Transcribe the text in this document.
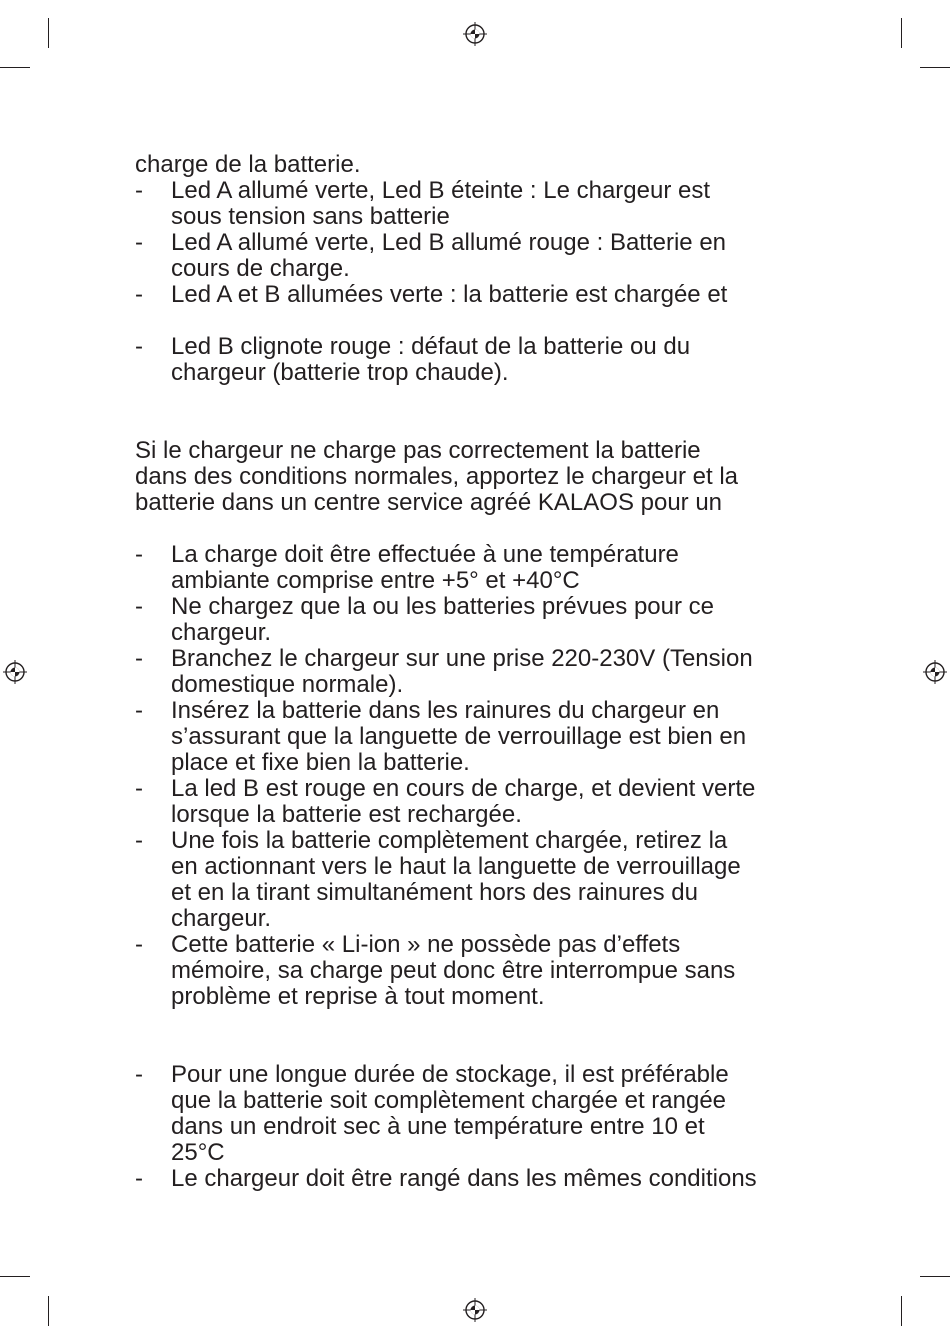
charge de la batterie.

- Led A allumé verte, Led B éteinte : Le chargeur est
sous tension sans batterie
- Led A allumé verte, Led B allumé rouge : Batterie en
cours de charge.
- Led A et B allumées verte : la batterie est chargée et
- Led B clignote rouge : défaut de la batterie ou du
chargeur (batterie trop chaude).

Si le chargeur ne charge pas correctement la batterie

dans des conditions normales, apportez le chargeur et la

batterie dans un centre service agréé KALAOS pour un

- La charge doit être effectuée à une température
ambiante comprise entre +5° et +40°C
- Ne chargez que la ou les batteries prévues pour ce
chargeur.
- Branchez le chargeur sur une prise 220-230V (Tension
domestique normale).
- Insérez la batterie dans les rainures du chargeur en
s’assurant que la languette de verrouillage est bien en
place et fixe bien la batterie.
- La led B est rouge en cours de charge, et devient verte
lorsque la batterie est rechargée.
- Une fois la batterie complètement chargée, retirez la
en actionnant vers le haut la languette de verrouillage
et en la tirant simultanément hors des rainures du
chargeur.
- Cette batterie « Li-ion » ne possède pas d’effets
mémoire, sa charge peut donc être interrompue sans
problème et reprise à tout moment.
- Pour une longue durée de stockage, il est préférable
que la batterie soit complètement chargée et rangée
dans un endroit sec à une température entre 10 et
25°C
- Le chargeur doit être rangé dans les mêmes conditions
